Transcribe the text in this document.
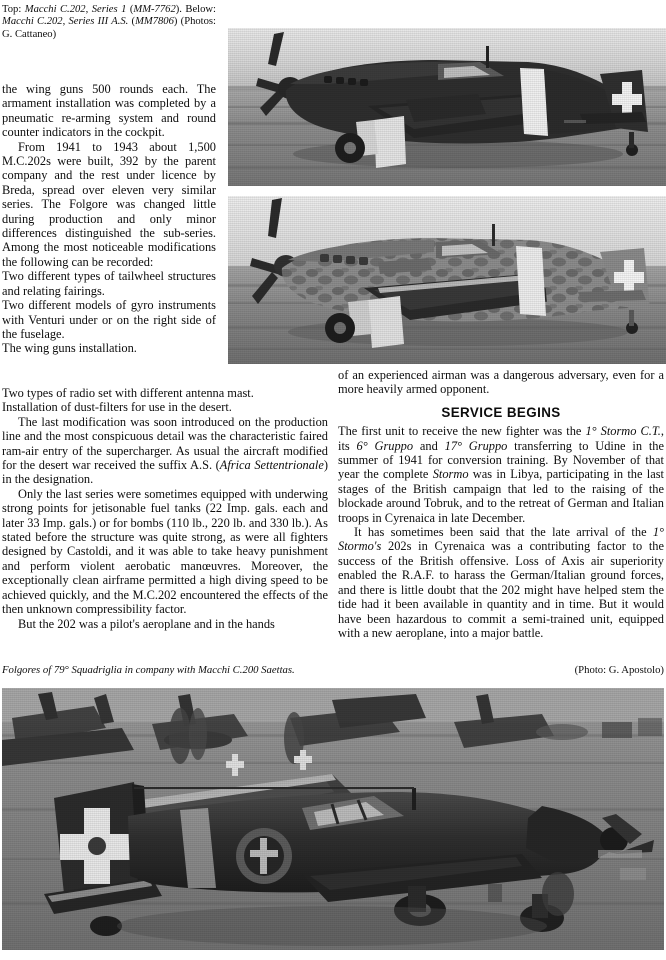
Top: Macchi C.202, Series 1 (MM-7762). Below: Macchi C.202, Series III A.S. (MM7806) (Photos: G. Cattaneo)

the wing guns 500 rounds each. The armament installation was completed by a pneumatic re-arming system and round counter indicators in the cockpit.

From 1941 to 1943 about 1,500 M.C.202s were built, 392 by the parent company and the rest under licence by Breda, spread over eleven very similar series. The Folgore was changed little during production and only minor differences distinguished the sub-series. Among the most noticeable modifications the following can be recorded:

Two different types of tailwheel structures and relating fairings.

Two different models of gyro instruments with Venturi under or on the right side of the fuselage.

The wing guns installation.

Two types of radio set with different antenna mast.

Installation of dust-filters for use in the desert.

The last modification was soon introduced on the production line and the most conspicuous detail was the characteristic faired ram-air entry of the supercharger. As usual the aircraft modified for the desert war received the suffix A.S. (Africa Settentrionale) in the designation.

Only the last series were sometimes equipped with underwing strong points for jetisonable fuel tanks (22 Imp. gals. each and later 33 Imp. gals.) or for bombs (110 lb., 220 lb. and 330 lb.). As stated before the structure was quite strong, as were all fighters designed by Castoldi, and it was able to take heavy punishment and perform violent aerobatic manœuvres. Moreover, the exceptionally clean airframe permitted a high diving speed to be achieved quickly, and the M.C.202 encountered the effects of the then unknown compressibility factor.

But the 202 was a pilot's aeroplane and in the hands

of an experienced airman was a dangerous adversary, even for a more heavily armed opponent.

SERVICE BEGINS

The first unit to receive the new fighter was the 1° Stormo C.T., its 6° Gruppo and 17° Gruppo transferring to Udine in the summer of 1941 for conversion training. By November of that year the complete Stormo was in Libya, participating in the last stages of the British campaign that led to the raising of the blockade around Tobruk, and to the retreat of German and Italian troops in Cyrenaica in late December.

It has sometimes been said that the late arrival of the 1° Stormo's 202s in Cyrenaica was a contributing factor to the success of the British offensive. Loss of Axis air superiority enabled the R.A.F. to harass the German/Italian ground forces, and there is little doubt that the 202 might have helped stem the tide had it been available in quantity and in time. But it would have been hazardous to commit a semi-trained unit, equipped with a new aeroplane, into a major battle.

Folgores of 79° Squadriglia in company with Macchi C.200 Saettas.	(Photo: G. Apostolo)
